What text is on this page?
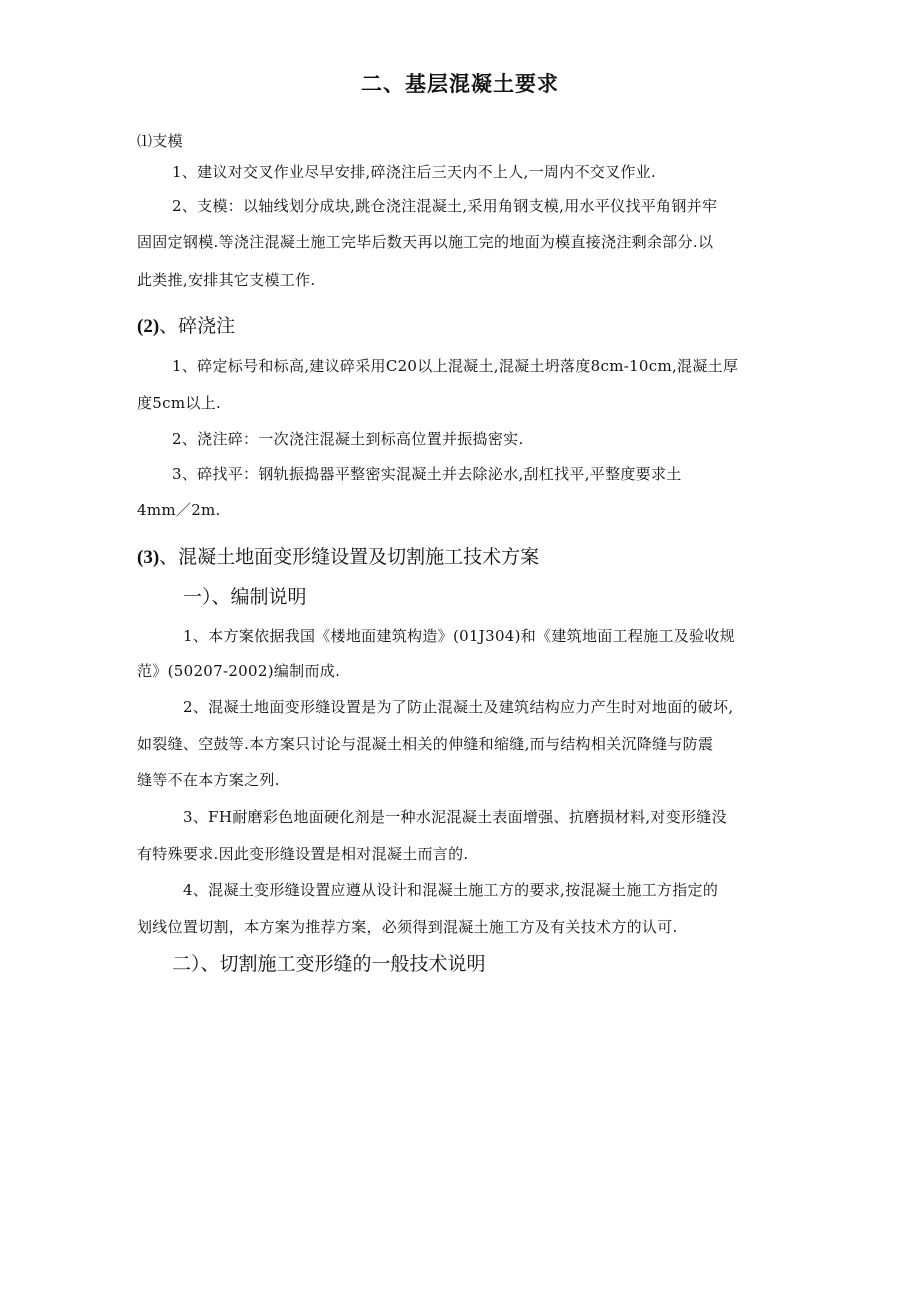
二、基层混凝土要求
⑴支模
1、建议对交叉作业尽早安排,碎浇注后三天内不上人,一周内不交叉作业.
2、支模：以轴线划分成块,跳仓浇注混凝土,采用角钢支模,用水平仪找平角钢并牢
固固定钢模.等浇注混凝土施工完毕后数天再以施工完的地面为模直接浇注剩余部分.以
此类推,安排其它支模工作.
(2)、碎浇注
1、碎定标号和标高,建议碎采用C20以上混凝土,混凝土坍落度8cm-10cm,混凝土厚
度5cm以上.
2、浇注碎：一次浇注混凝土到标高位置并振捣密实.
3、碎找平：钢轨振捣器平整密实混凝土并去除泌水,刮杠找平,平整度要求土
4mm／2m.
(3)、混凝土地面变形缝设置及切割施工技术方案
一）、编制说明
1、本方案依据我国《楼地面建筑构造》(01J304)和《建筑地面工程施工及验收规
范》(50207-2002)编制而成.
2、混凝土地面变形缝设置是为了防止混凝土及建筑结构应力产生时对地面的破坏,
如裂缝、空鼓等.本方案只讨论与混凝土相关的伸缝和缩缝,而与结构相关沉降缝与防震
缝等不在本方案之列.
3、FH耐磨彩色地面硬化剂是一种水泥混凝土表面增强、抗磨损材料,对变形缝没
有特殊要求.因此变形缝设置是相对混凝土而言的.
4、混凝土变形缝设置应遵从设计和混凝土施工方的要求,按混凝土施工方指定的
划线位置切割，本方案为推荐方案，必须得到混凝土施工方及有关技术方的认可.
二）、切割施工变形缝的一般技术说明
